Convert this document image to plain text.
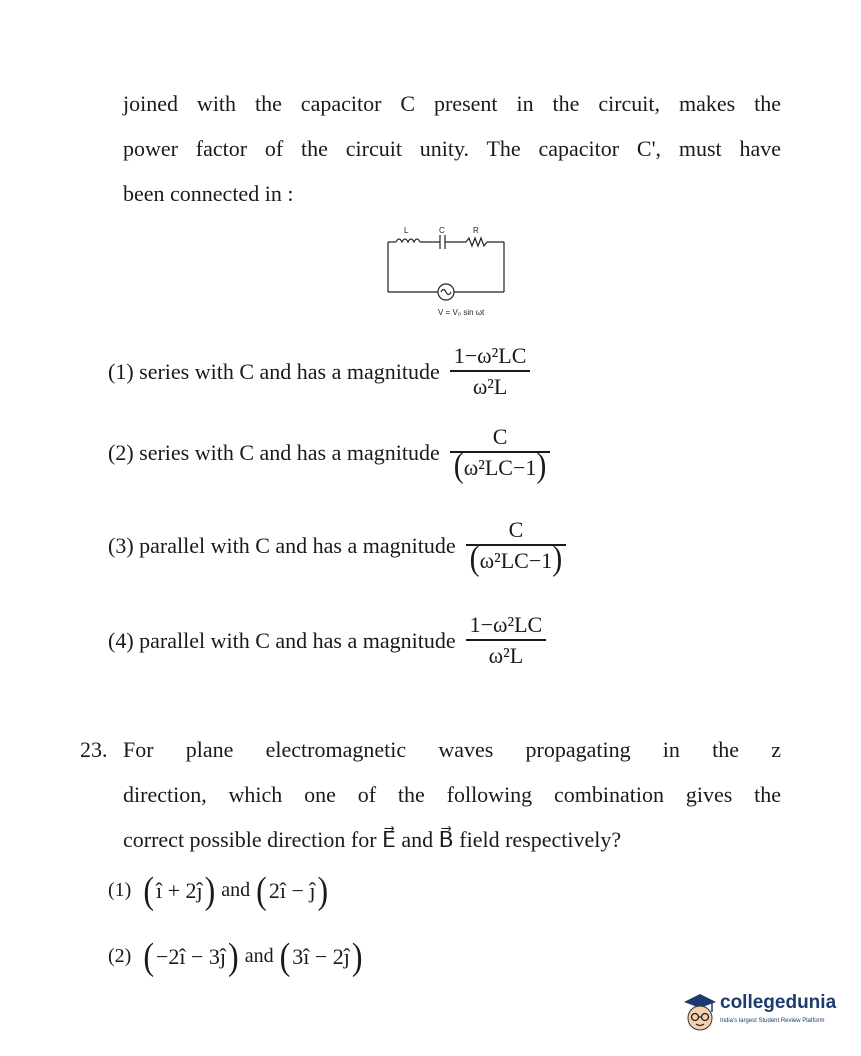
joined with the capacitor C present in the circuit, makes the
power factor of the circuit unity. The capacitor C', must have
been connected in :
L	C	R
V = V₀ sin ωt
(1) series with C and has a magnitude $\frac{\text{1−ω²LC}}{\text{ω²L}}$
(2) series with C and has a magnitude $\frac{C}{\text{(ω²LC−1)}}$
(3) parallel with C and has a magnitude $\frac{C}{\text{(ω²LC−1)}}$
(4) parallel with C and has a magnitude $\frac{\text{1−ω²LC}}{\text{ω²L}}$
23. For plane electromagnetic waves propagating in the z
direction, which one of the following combination gives the
correct possible direction for E⃗ and B⃗ field respectively?
(1) ( î + 2ĵ ) and ( 2î − ĵ )
(2) ( −2î − 3ĵ ) and ( 3î − 2ĵ )
collegedunia
India's largest Student Review Platform
